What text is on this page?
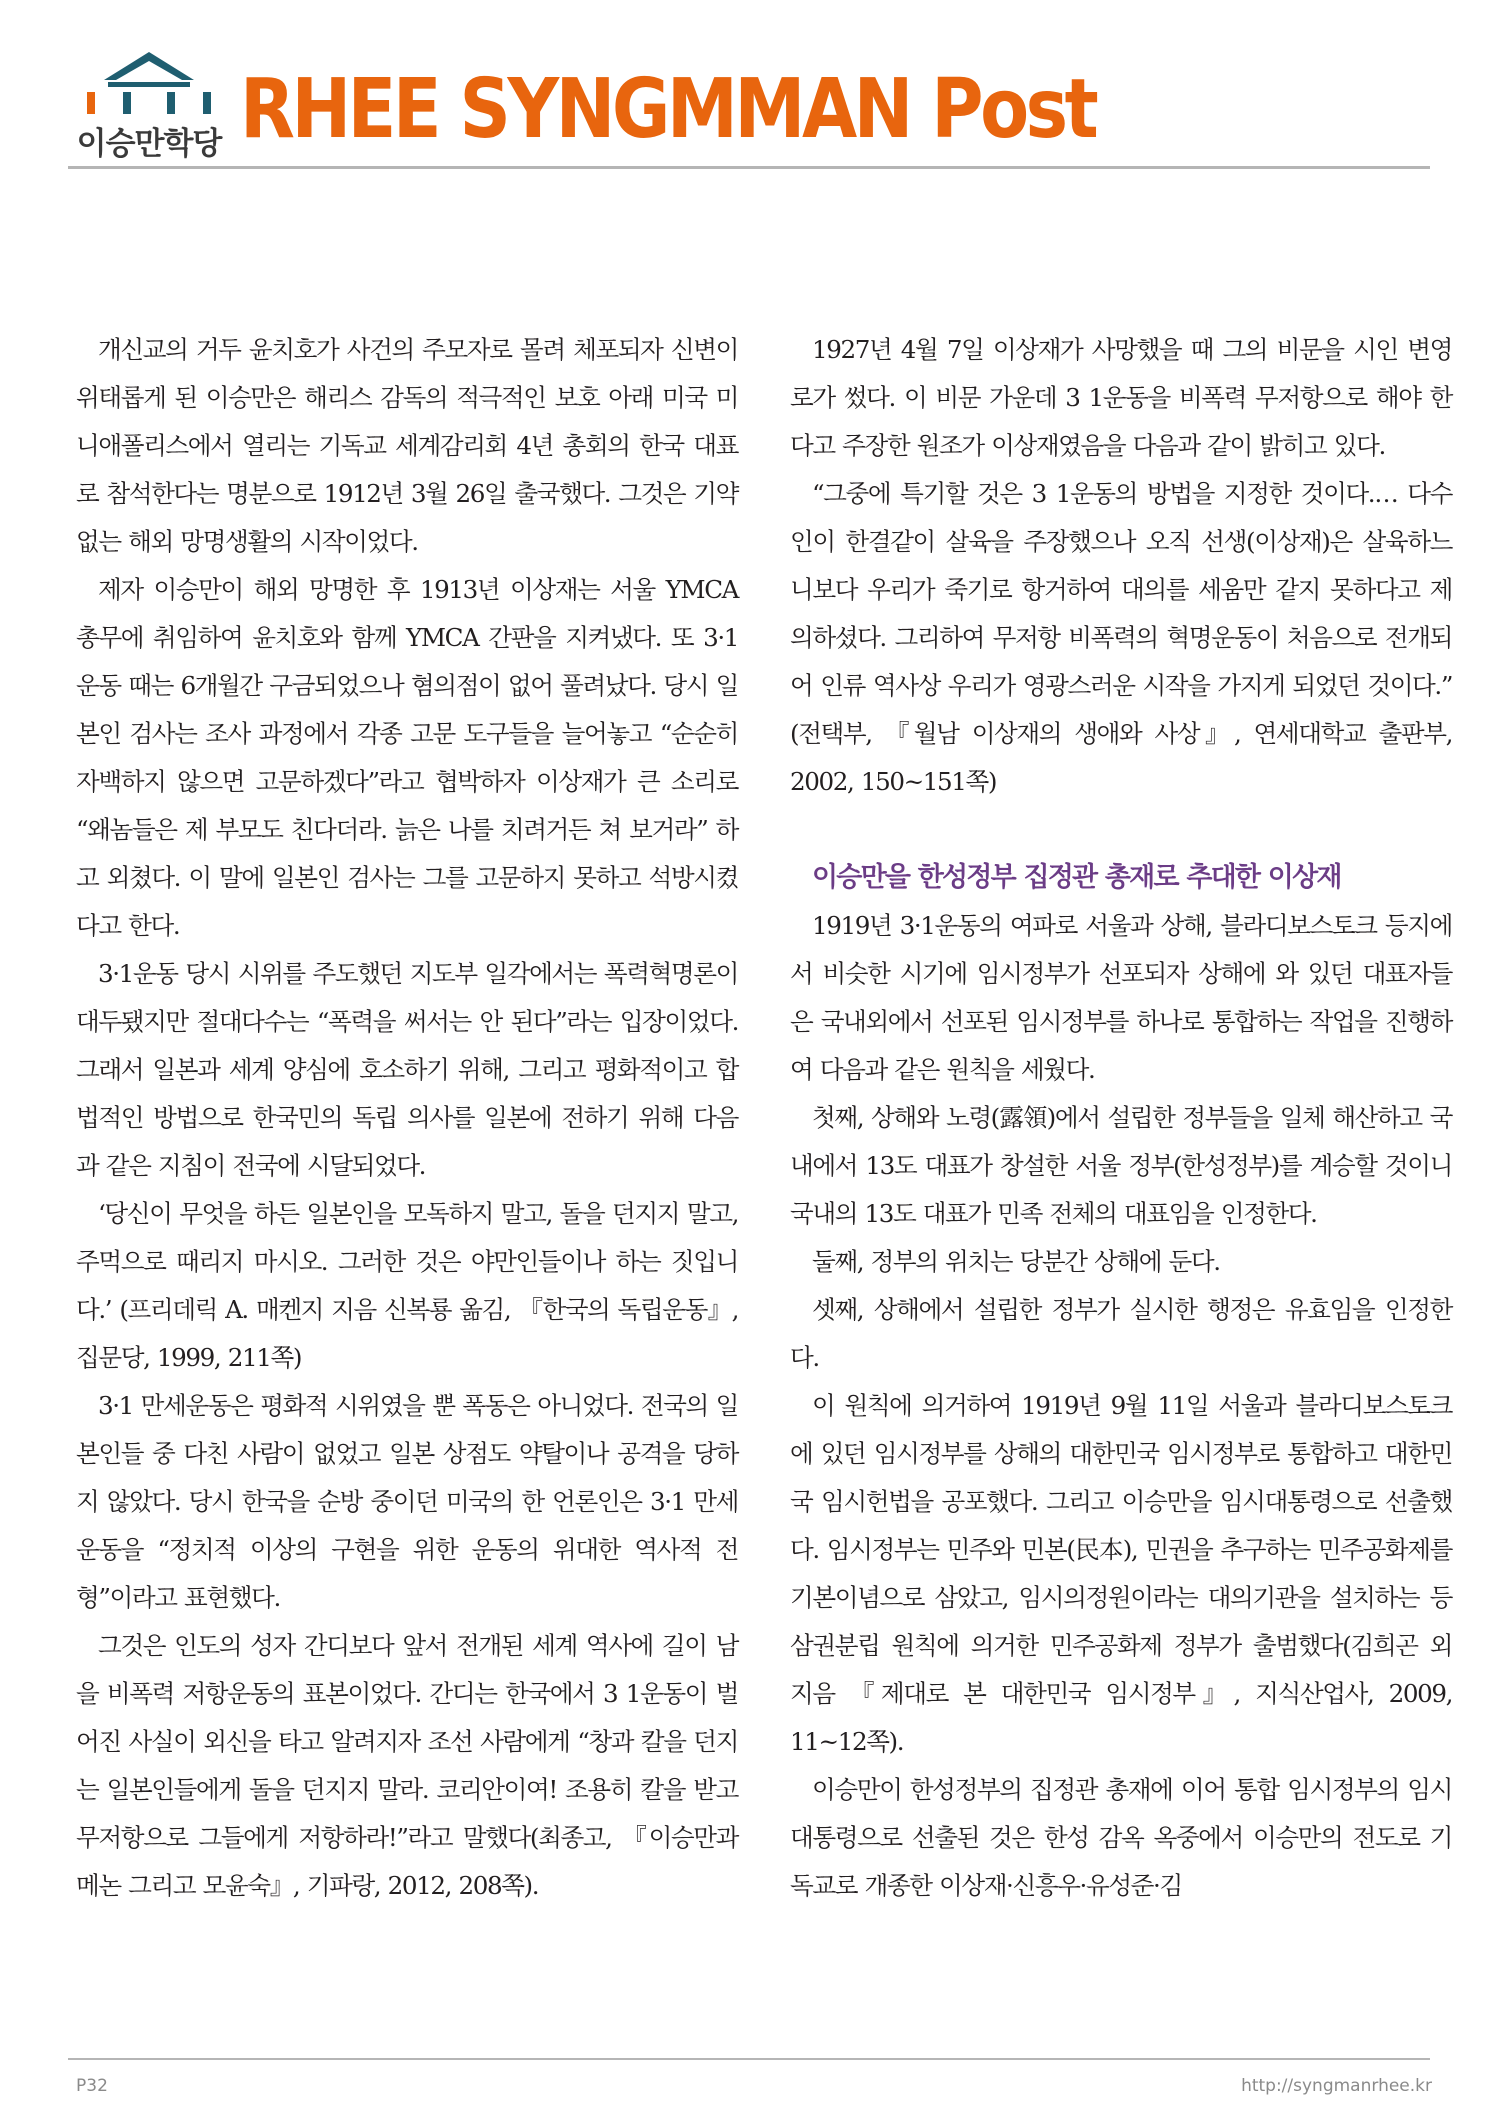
이승만학당 RHEE SYNGMMAN Post

개신교의 거두 윤치호가 사건의 주모자로 몰려 체포되자 신변이 위태롭게 된 이승만은 해리스 감독의 적극적인 보호 아래 미국 미니애폴리스에서 열리는 기독교 세계감리회 4년 총회의 한국 대표로 참석한다는 명분으로 1912년 3월 26일 출국했다. 그것은 기약 없는 해외 망명생활의 시작이었다.

제자 이승만이 해외 망명한 후 1913년 이상재는 서울 YMCA 총무에 취임하여 윤치호와 함께 YMCA 간판을 지켜냈다. 또 3·1 운동 때는 6개월간 구금되었으나 혐의점이 없어 풀려났다. 당시 일본인 검사는 조사 과정에서 각종 고문 도구들을 늘어놓고 “순순히 자백하지 않으면 고문하겠다”라고 협박하자 이상재가 큰 소리로 “왜놈들은 제 부모도 친다더라. 늙은 나를 치려거든 쳐 보거라” 하고 외쳤다. 이 말에 일본인 검사는 그를 고문하지 못하고 석방시켰다고 한다.

3·1운동 당시 시위를 주도했던 지도부 일각에서는 폭력혁명론이 대두됐지만 절대다수는 “폭력을 써서는 안 된다”라는 입장이었다. 그래서 일본과 세계 양심에 호소하기 위해, 그리고 평화적이고 합법적인 방법으로 한국민의 독립 의사를 일본에 전하기 위해 다음과 같은 지침이 전국에 시달되었다.

‘당신이 무엇을 하든 일본인을 모독하지 말고, 돌을 던지지 말고, 주먹으로 때리지 마시오. 그러한 것은 야만인들이나 하는 짓입니다.’ (프리데릭 A. 매켄지 지음 신복룡 옮김, 『한국의 독립운동』, 집문당, 1999, 211쪽)

3·1 만세운동은 평화적 시위였을 뿐 폭동은 아니었다. 전국의 일본인들 중 다친 사람이 없었고 일본 상점도 약탈이나 공격을 당하지 않았다. 당시 한국을 순방 중이던 미국의 한 언론인은 3·1 만세운동을 “정치적 이상의 구현을 위한 운동의 위대한 역사적 전형”이라고 표현했다.

그것은 인도의 성자 간디보다 앞서 전개된 세계 역사에 길이 남을 비폭력 저항운동의 표본이었다. 간디는 한국에서 3 1운동이 벌어진 사실이 외신을 타고 알려지자 조선 사람에게 “창과 칼을 던지는 일본인들에게 돌을 던지지 말라. 코리안이여! 조용히 칼을 받고 무저항으로 그들에게 저항하라!”라고 말했다(최종고, 『이승만과 메논 그리고 모윤숙』, 기파랑, 2012, 208쪽).

1927년 4월 7일 이상재가 사망했을 때 그의 비문을 시인 변영로가 썼다. 이 비문 가운데 3 1운동을 비폭력 무저항으로 해야 한다고 주장한 원조가 이상재였음을 다음과 같이 밝히고 있다.

“그중에 특기할 것은 3 1운동의 방법을 지정한 것이다.… 다수인이 한결같이 살육을 주장했으나 오직 선생(이상재)은 살육하느니보다 우리가 죽기로 항거하여 대의를 세움만 같지 못하다고 제의하셨다. 그리하여 무저항 비폭력의 혁명운동이 처음으로 전개되어 인류 역사상 우리가 영광스러운 시작을 가지게 되었던 것이다.” (전택부, 『월남 이상재의 생애와 사상』, 연세대학교 출판부, 2002, 150~151쪽)

이승만을 한성정부 집정관 총재로 추대한 이상재

1919년 3·1운동의 여파로 서울과 상해, 블라디보스토크 등지에서 비슷한 시기에 임시정부가 선포되자 상해에 와 있던 대표자들은 국내외에서 선포된 임시정부를 하나로 통합하는 작업을 진행하여 다음과 같은 원칙을 세웠다.

첫째, 상해와 노령(露領)에서 설립한 정부들을 일체 해산하고 국내에서 13도 대표가 창설한 서울 정부(한성정부)를 계승할 것이니 국내의 13도 대표가 민족 전체의 대표임을 인정한다.

둘째, 정부의 위치는 당분간 상해에 둔다.

셋째, 상해에서 설립한 정부가 실시한 행정은 유효임을 인정한다.

이 원칙에 의거하여 1919년 9월 11일 서울과 블라디보스토크에 있던 임시정부를 상해의 대한민국 임시정부로 통합하고 대한민국 임시헌법을 공포했다. 그리고 이승만을 임시대통령으로 선출했다. 임시정부는 민주와 민본(民本), 민권을 추구하는 민주공화제를 기본이념으로 삼았고, 임시의정원이라는 대의기관을 설치하는 등 삼권분립 원칙에 의거한 민주공화제 정부가 출범했다(김희곤 외 지음 『제대로 본 대한민국 임시정부』, 지식산업사, 2009, 11~12쪽).

이승만이 한성정부의 집정관 총재에 이어 통합 임시정부의 임시 대통령으로 선출된 것은 한성 감옥 옥중에서 이승만의 전도로 기독교로 개종한 이상재·신흥우·유성준·김

P32	http://syngmanrhee.kr
